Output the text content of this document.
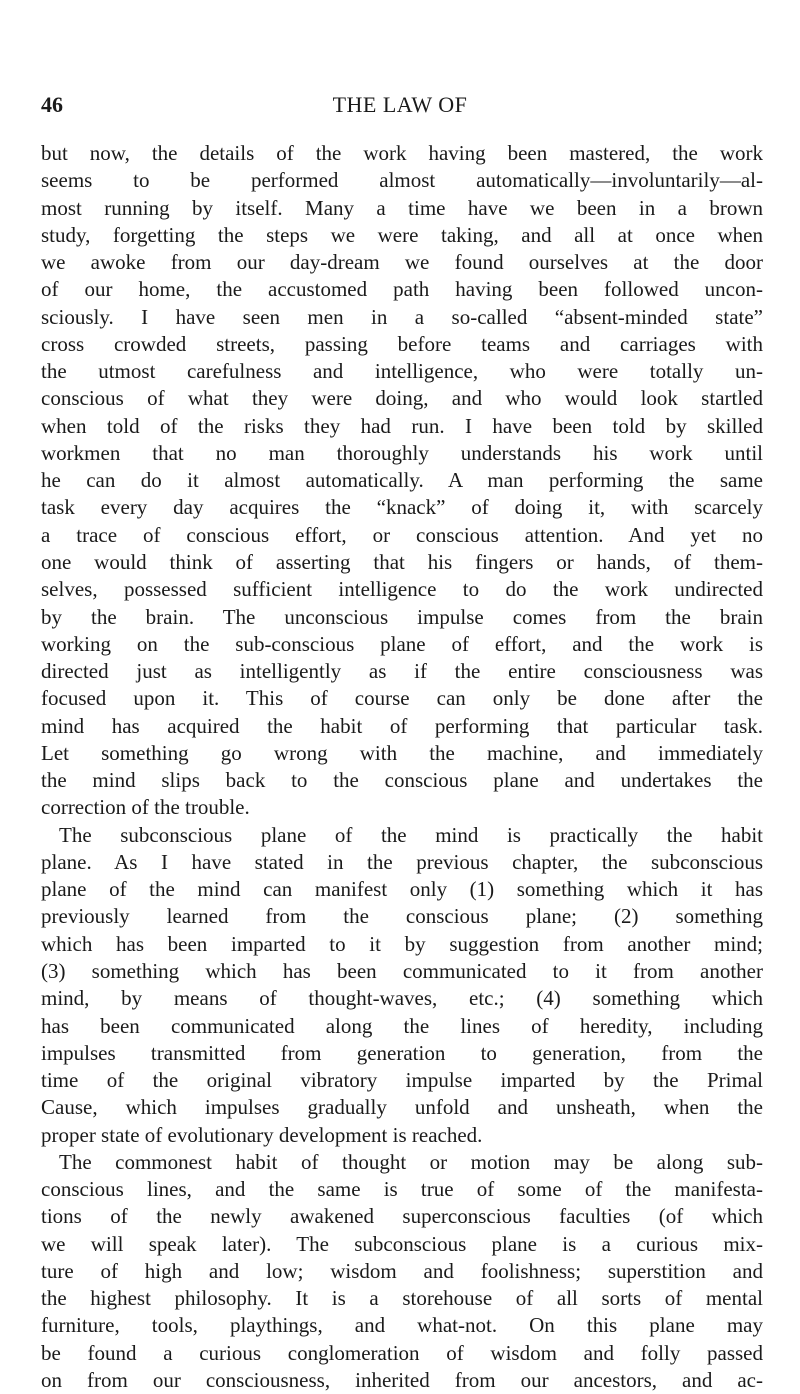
46	THE LAW OF
but now, the details of the work having been mastered, the work
seems to be performed almost automatically—involuntarily—al-
most running by itself. Many a time have we been in a brown
study, forgetting the steps we were taking, and all at once when
we awoke from our day-dream we found ourselves at the door
of our home, the accustomed path having been followed uncon-
sciously. I have seen men in a so-called “absent-minded state”
cross crowded streets, passing before teams and carriages with
the utmost carefulness and intelligence, who were totally un-
conscious of what they were doing, and who would look startled
when told of the risks they had run. I have been told by skilled
workmen that no man thoroughly understands his work until
he can do it almost automatically. A man performing the same
task every day acquires the “knack” of doing it, with scarcely
a trace of conscious effort, or conscious attention. And yet no
one would think of asserting that his fingers or hands, of them-
selves, possessed sufficient intelligence to do the work undirected
by the brain. The unconscious impulse comes from the brain
working on the sub-conscious plane of effort, and the work is
directed just as intelligently as if the entire consciousness was
focused upon it. This of course can only be done after the
mind has acquired the habit of performing that particular task.
Let something go wrong with the machine, and immediately
the mind slips back to the conscious plane and undertakes the
correction of the trouble.
The subconscious plane of the mind is practically the habit
plane. As I have stated in the previous chapter, the subconscious
plane of the mind can manifest only (1) something which it has
previously learned from the conscious plane; (2) something
which has been imparted to it by suggestion from another mind;
(3) something which has been communicated to it from another
mind, by means of thought-waves, etc.; (4) something which
has been communicated along the lines of heredity, including
impulses transmitted from generation to generation, from the
time of the original vibratory impulse imparted by the Primal
Cause, which impulses gradually unfold and unsheath, when the
proper state of evolutionary development is reached.
The commonest habit of thought or motion may be along sub-
conscious lines, and the same is true of some of the manifesta-
tions of the newly awakened superconscious faculties (of which
we will speak later). The subconscious plane is a curious mix-
ture of high and low; wisdom and foolishness; superstition and
the highest philosophy. It is a storehouse of all sorts of mental
furniture, tools, playthings, and what-not. On this plane may
be found a curious conglomeration of wisdom and folly passed
on from our consciousness, inherited from our ancestors, and ac-
